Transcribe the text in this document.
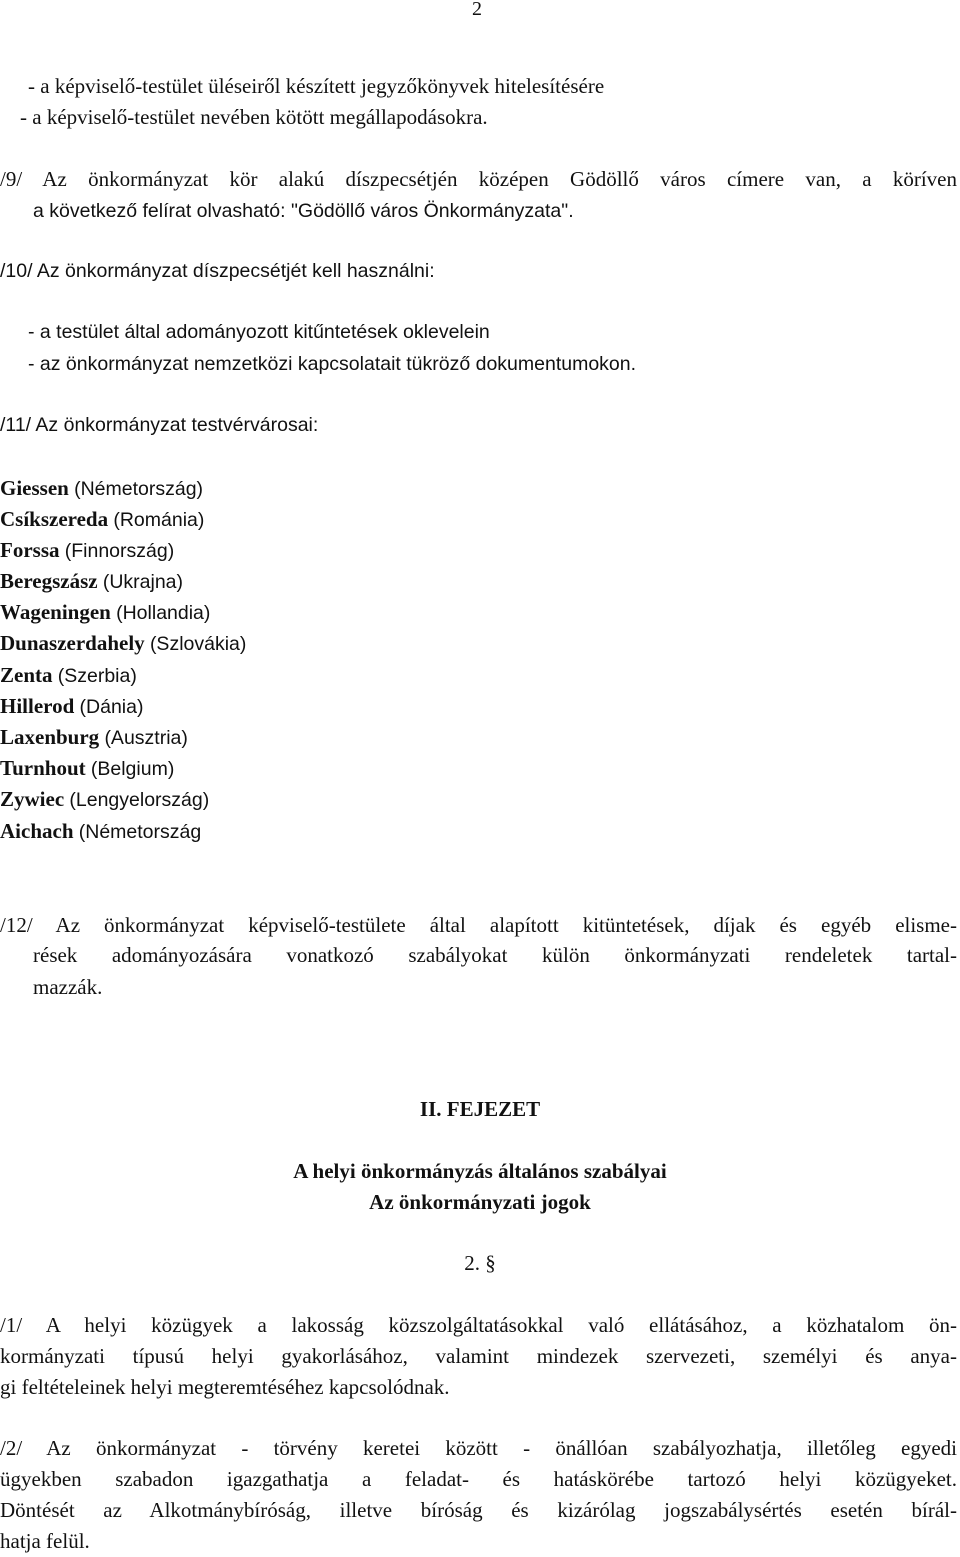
2
- a képviselő-testület üléseiről készített jegyzőkönyvek hitelesítésére
- a képviselő-testület nevében kötött megállapodásokra.
/9/ Az önkormányzat kör alakú díszpecsétjén középen Gödöllő város címere van, a köríven
a következő felírat olvasható: "Gödöllő város Önkormányzata".
/10/ Az önkormányzat díszpecsétjét kell használni:
- a testület által adományozott kitűntetések oklevelein
- az önkormányzat nemzetközi kapcsolatait tükröző dokumentumokon.
/11/ Az önkormányzat testvérvárosai:
Giessen (Németország)
Csíkszereda (Románia)
Forssa (Finnország)
Beregszász (Ukrajna)
Wageningen (Hollandia)
Dunaszerdahely (Szlovákia)
Zenta (Szerbia)
Hillerod (Dánia)
Laxenburg (Ausztria)
Turnhout (Belgium)
Zywiec (Lengyelország)
Aichach (Németország
/12/ Az önkormányzat képviselő-testülete által alapított kitüntetések, díjak és egyéb elisme-
rések adományozására vonatkozó szabályokat külön önkormányzati rendeletek tartal-
mazzák.
II. FEJEZET
A helyi önkormányzás általános szabályai
Az önkormányzati jogok
2. §
/1/ A helyi közügyek a lakosság közszolgáltatásokkal való ellátásához, a közhatalom ön-
kormányzati típusú helyi gyakorlásához, valamint mindezek szervezeti, személyi és anya-
gi feltételeinek helyi megteremtéséhez kapcsolódnak.
/2/ Az önkormányzat - törvény keretei között - önállóan szabályozhatja, illetőleg egyedi
ügyekben szabadon igazgathatja a feladat- és hatáskörébe tartozó helyi közügyeket.
Döntését az Alkotmánybíróság, illetve bíróság és kizárólag jogszabálysértés esetén bírál-
hatja felül.
